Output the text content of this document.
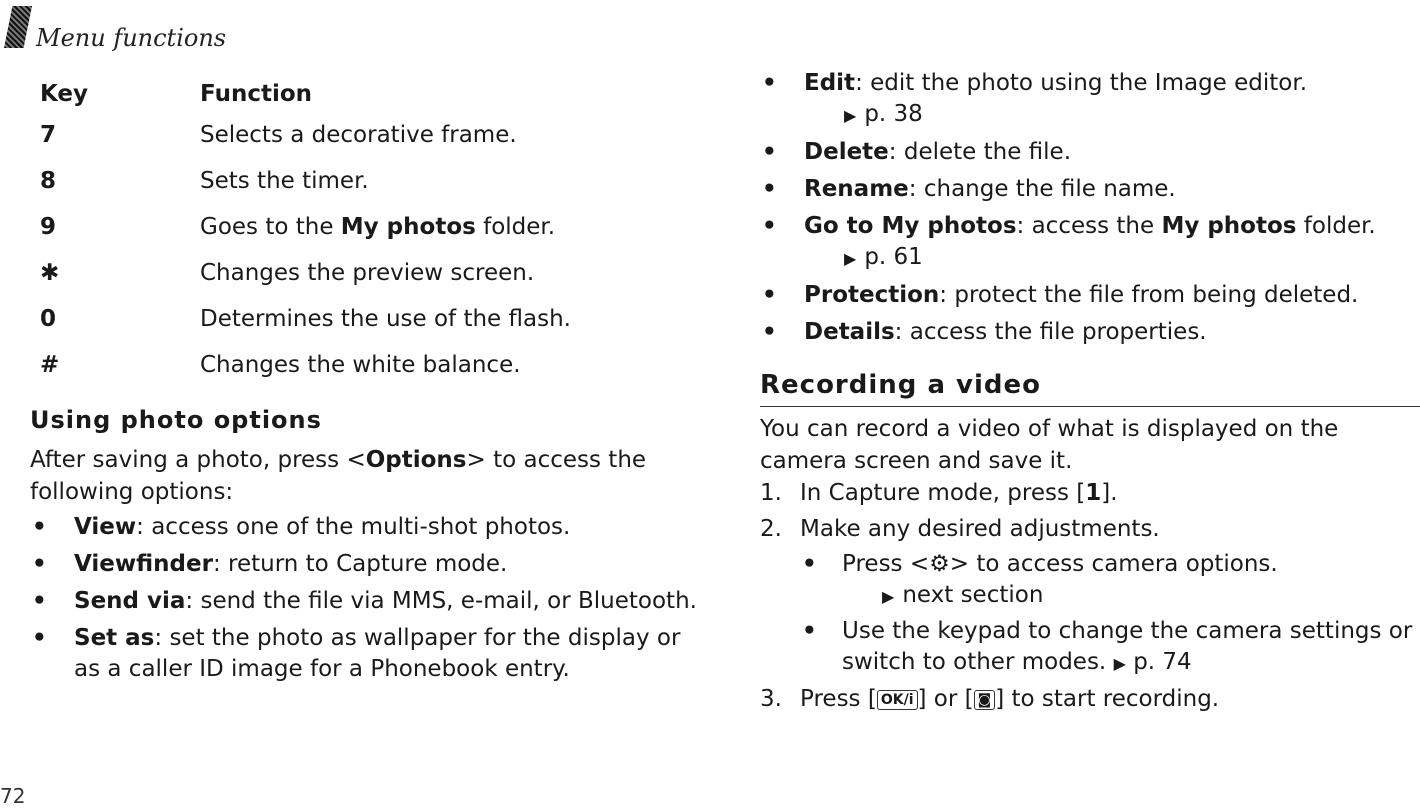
Menu functions
Key	Function
7	Selects a decorative frame.
8	Sets the timer.
9	Goes to the My photos folder.
✱	Changes the preview screen.
0	Determines the use of the flash.
#	Changes the white balance.
Using photo options
After saving a photo, press <Options> to access the following options:
• View: access one of the multi-shot photos.
• Viewfinder: return to Capture mode.
• Send via: send the file via MMS, e-mail, or Bluetooth.
• Set as: set the photo as wallpaper for the display or as a caller ID image for a Phonebook entry.
• Edit: edit the photo using the Image editor.
▶ p. 38
• Delete: delete the file.
• Rename: change the file name.
• Go to My photos: access the My photos folder.
▶ p. 61
• Protection: protect the file from being deleted.
• Details: access the file properties.
Recording a video
You can record a video of what is displayed on the camera screen and save it.
1. In Capture mode, press [1].
2. Make any desired adjustments.
• Press <⚙> to access camera options.
▶ next section
• Use the keypad to change the camera settings or switch to other modes. ▶ p. 74
3. Press [ OK/i ] or [ ◙ ] to start recording.
72
